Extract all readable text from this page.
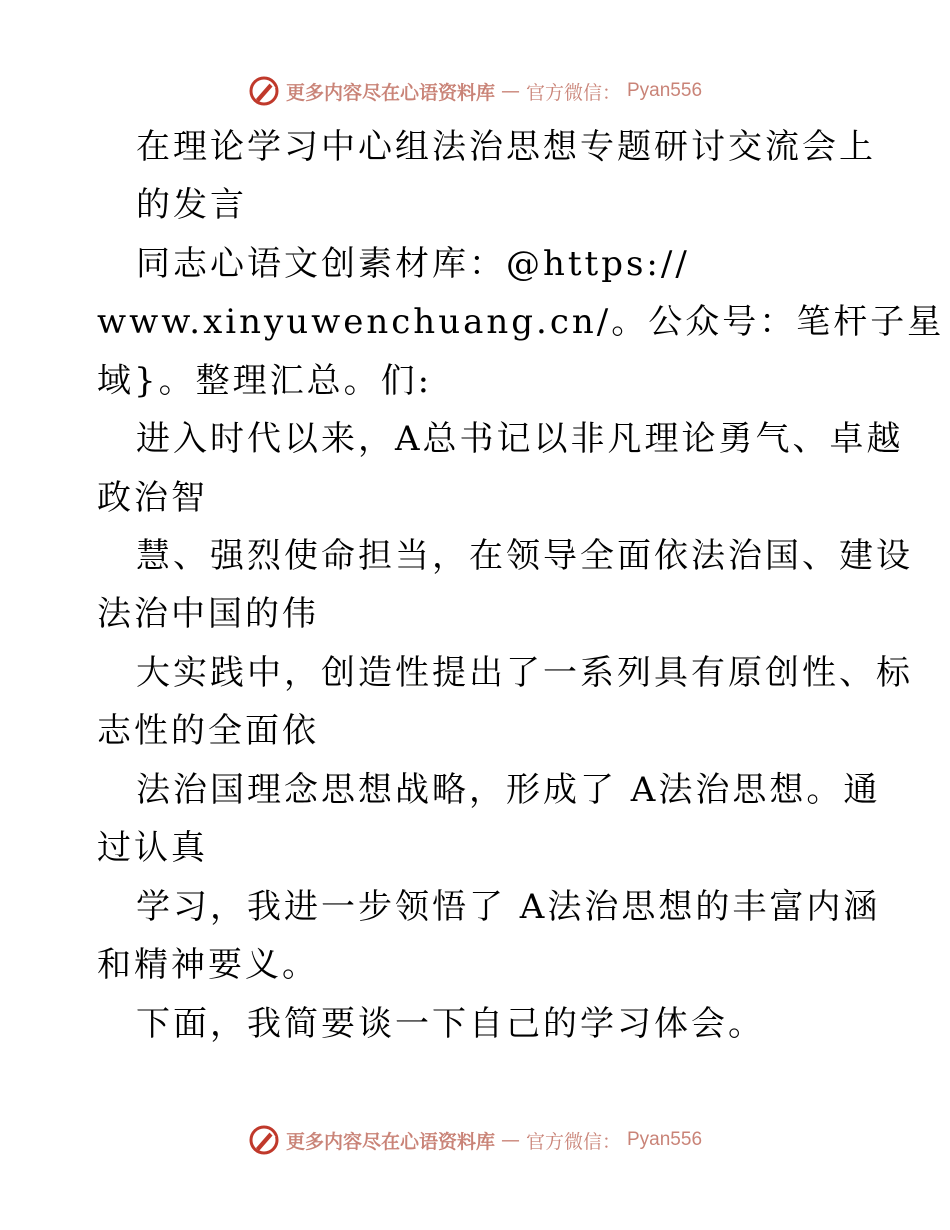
更多内容尽在心语资料库 — 官方微信： Pyan556
在理论学习中心组法治思想专题研讨交流会上
的发言
同志心语文创素材库：@https://
www.xinyuwenchuang.cn/。公众号：笔杆子星
域}。整理汇总。们:
进入时代以来，A总书记以非凡理论勇气、卓越
政治智
慧、强烈使命担当，在领导全面依法治国、建设
法治中国的伟
大实践中，创造性提出了一系列具有原创性、标
志性的全面依
法治国理念思想战略，形成了 A法治思想。通
过认真
学习，我进一步领悟了 A法治思想的丰富内涵
和精神要义。
下面，我简要谈一下自己的学习体会。
更多内容尽在心语资料库 — 官方微信： Pyan556
